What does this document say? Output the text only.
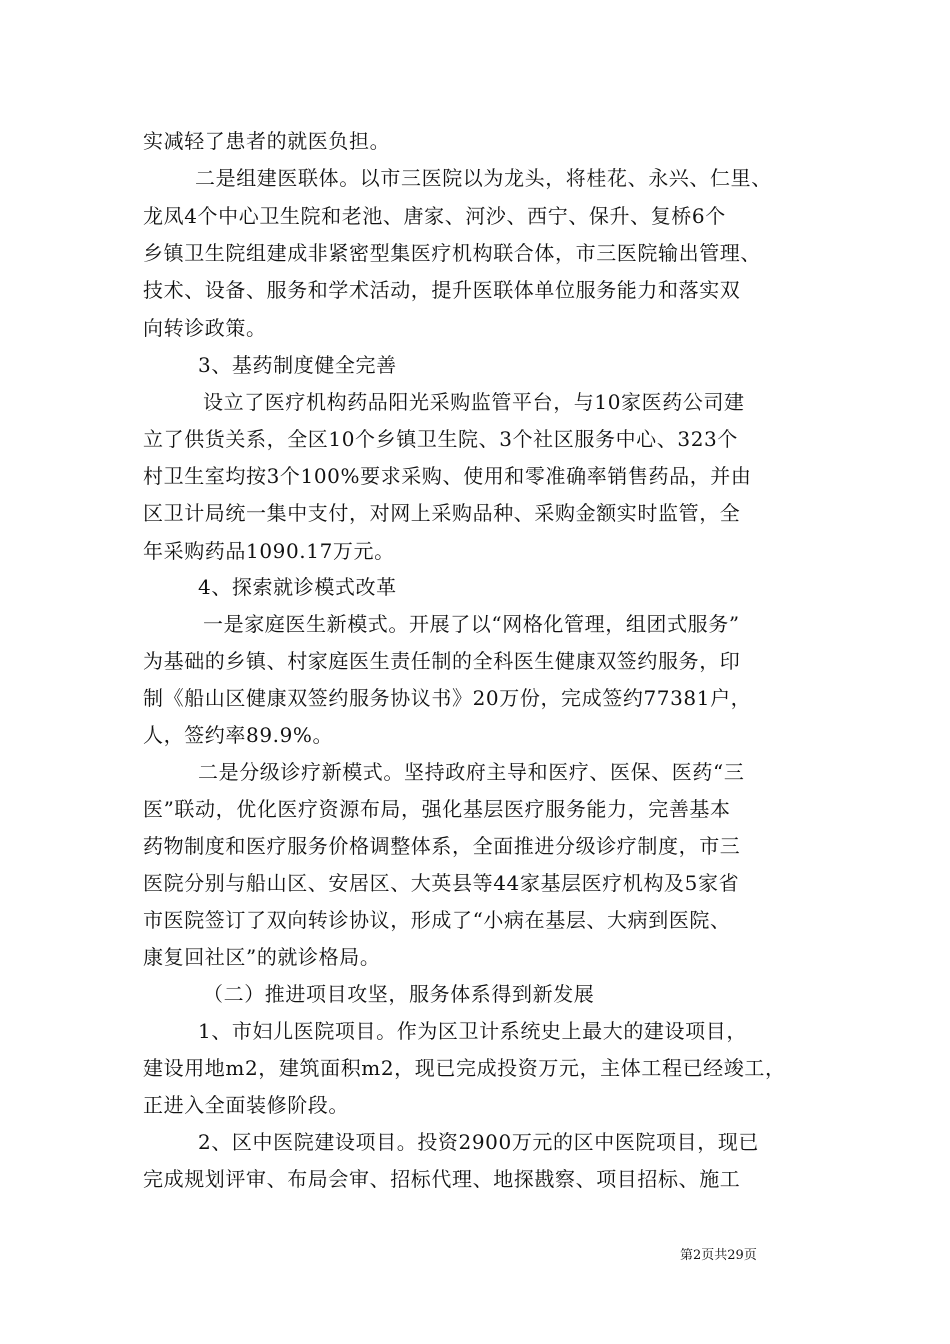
实减轻了患者的就医负担。
二是组建医联体。以市三医院以为龙头，将桂花、永兴、仁里、
龙凤4个中心卫生院和老池、唐家、河沙、西宁、保升、复桥6个
乡镇卫生院组建成非紧密型集医疗机构联合体，市三医院输出管理、
技术、设备、服务和学术活动，提升医联体单位服务能力和落实双
向转诊政策。
3、基药制度健全完善
设立了医疗机构药品阳光采购监管平台，与10家医药公司建
立了供货关系，全区10个乡镇卫生院、3个社区服务中心、323个
村卫生室均按3个100%要求采购、使用和零准确率销售药品，并由
区卫计局统一集中支付，对网上采购品种、采购金额实时监管，全
年采购药品1090.17万元。
4、探索就诊模式改革
一是家庭医生新模式。开展了以“网格化管理，组团式服务”
为基础的乡镇、村家庭医生责任制的全科医生健康双签约服务，印
制《船山区健康双签约服务协议书》20万份，完成签约77381户，
人，签约率89.9%。
二是分级诊疗新模式。坚持政府主导和医疗、医保、医药“三
医”联动，优化医疗资源布局，强化基层医疗服务能力，完善基本
药物制度和医疗服务价格调整体系，全面推进分级诊疗制度，市三
医院分别与船山区、安居区、大英县等44家基层医疗机构及5家省
市医院签订了双向转诊协议，形成了“小病在基层、大病到医院、
康复回社区”的就诊格局。
（二）推进项目攻坚，服务体系得到新发展
1、市妇儿医院项目。作为区卫计系统史上最大的建设项目，
建设用地m2，建筑面积m2，现已完成投资万元，主体工程已经竣工，
正进入全面装修阶段。
2、区中医院建设项目。投资2900万元的区中医院项目，现已
完成规划评审、布局会审、招标代理、地探戡察、项目招标、施工
第2页共29页
